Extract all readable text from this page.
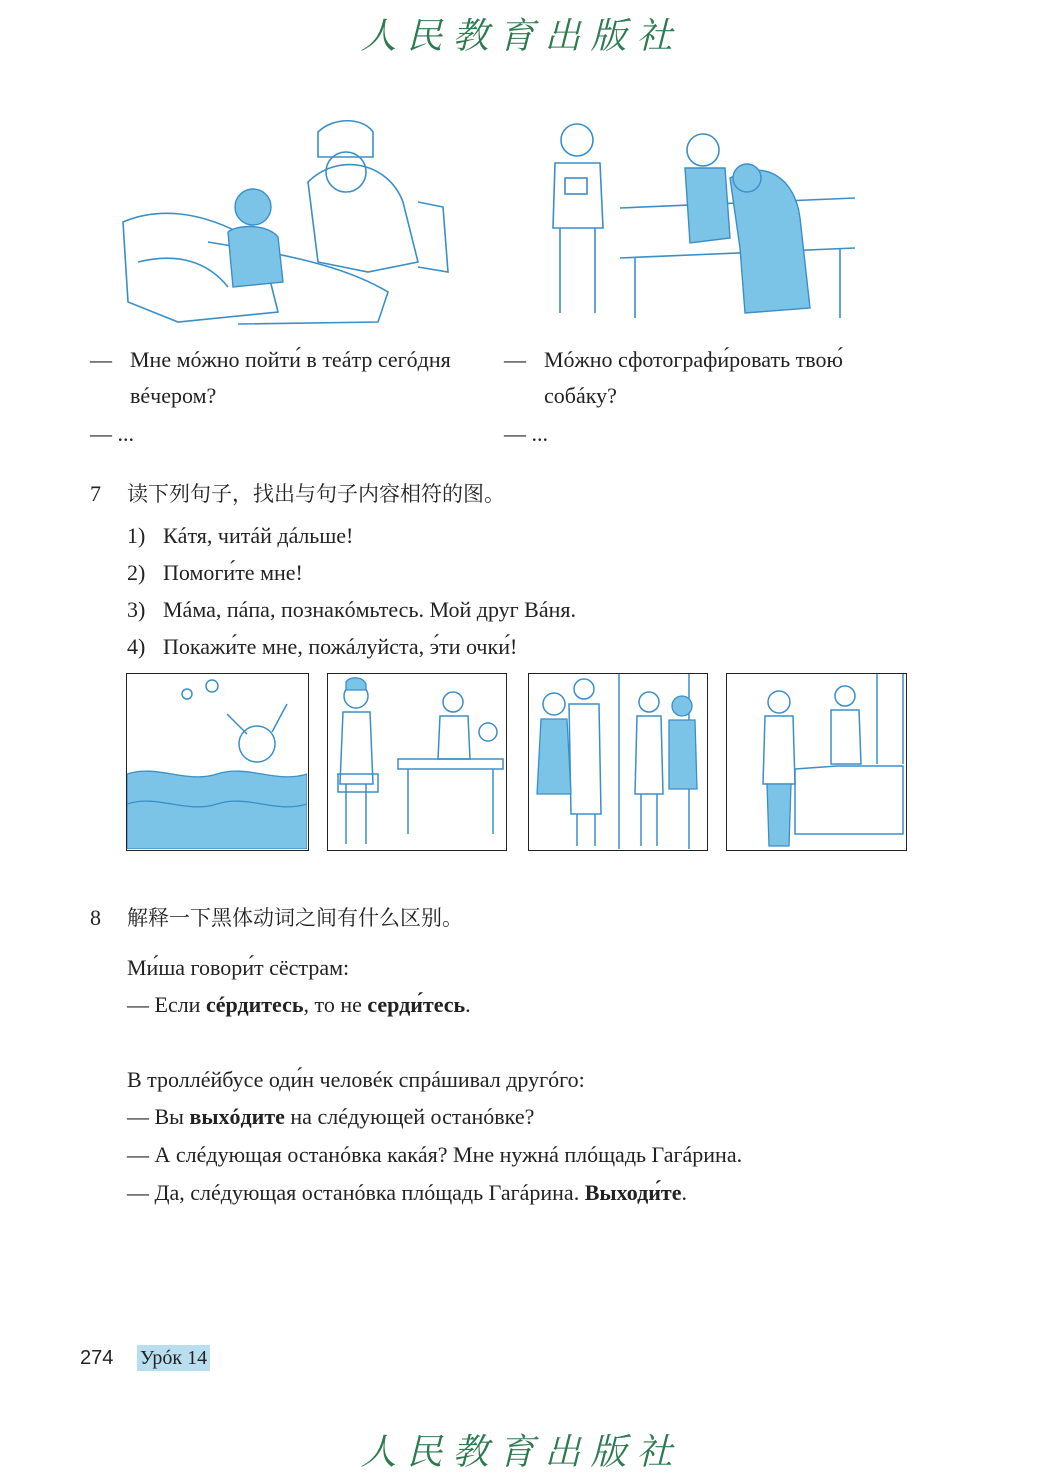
人民教育出版社
— Мне мóжно пойти́ в теáтр сегóдня
вéчером?
— ...
— Мóжно сфотографи́ровать твою́
собáку?
— ...
7 读下列句子，找出与句子内容相符的图。
1) Кáтя, читáй дáльше!
2) Помоги́те мне!
3) Мáма, пáпа, познакóмьтесь. Мой друг Вáня.
4) Покажи́те мне, пожáлуйста, э́ти очки́!
8 解释一下黑体动词之间有什么区别。
Ми́ша говори́т сёстрам:
— Если сéрдитесь, то не серди́тесь.
В троллéйбусе оди́н человéк спрáшивал другóго:
— Вы выхóдите на слéдующей останóвке?
— А слéдующая останóвка какáя? Мне нужнá плóщадь Гагáрина.
— Да, слéдующая останóвка плóщадь Гагáрина. Выходи́те.
274 Урóк 14
人民教育出版社
